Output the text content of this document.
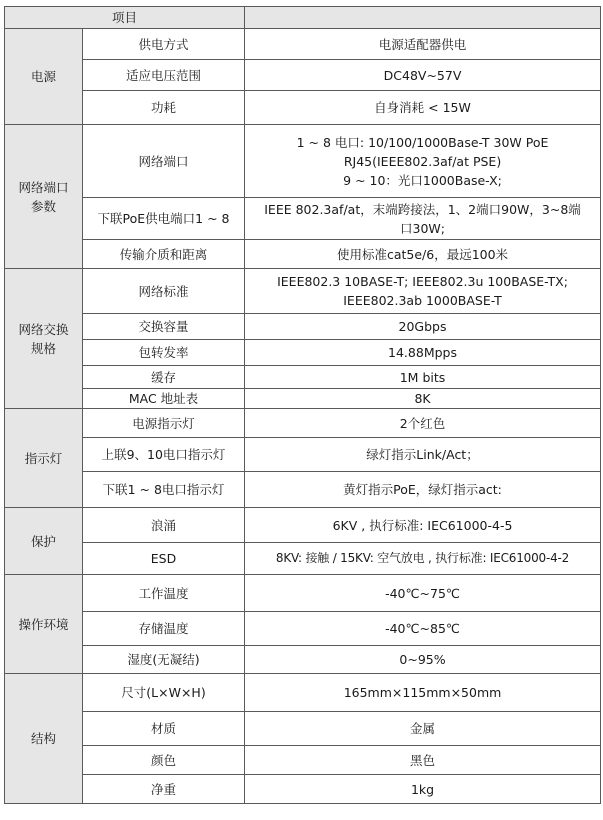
项目		
电源	供电方式	电源适配器供电
	适应电压范围	DC48V~57V
	功耗	自身消耗 < 15W

网络端口
参数	网络端口	1 ~ 8 电口: 10/100/1000Base-T 30W PoE
RJ45(IEEE802.3af/at PSE)
9 ~ 10：光口1000Base-X;

	下联PoE供电端口1 ~ 8	IEEE 802.3af/at，末端跨接法，1、2端口90W，3~8端
口30W;

	传输介质和距离	使用标准cat5e/6，最远100米

网络交换
规格	网络标准	IEEE802.3 10BASE-T; IEEE802.3u 100BASE-TX;
IEEE802.3ab 1000BASE-T

	交换容量	20Gbps
	包转发率	14.88Mpps
	缓存	1M bits
	MAC 地址表	8K
指示灯	电源指示灯	2个红色
	上联9、10电口指示灯	绿灯指示Link/Act；
	下联1 ~ 8电口指示灯	黄灯指示PoE，绿灯指示act:
保护	浪涌	6KV , 执行标准: IEC61000-4-5
	ESD	8KV: 接触 / 15KV: 空气放电 , 执行标准: IEC61000-4-2
操作环境	工作温度	-40℃~75℃
	存储温度	-40℃~85℃
	湿度(无凝结)	0~95%
结构	尺寸(L×W×H)	165mm×115mm×50mm
	材质	金属
	颜色	黑色
	净重	1kg
